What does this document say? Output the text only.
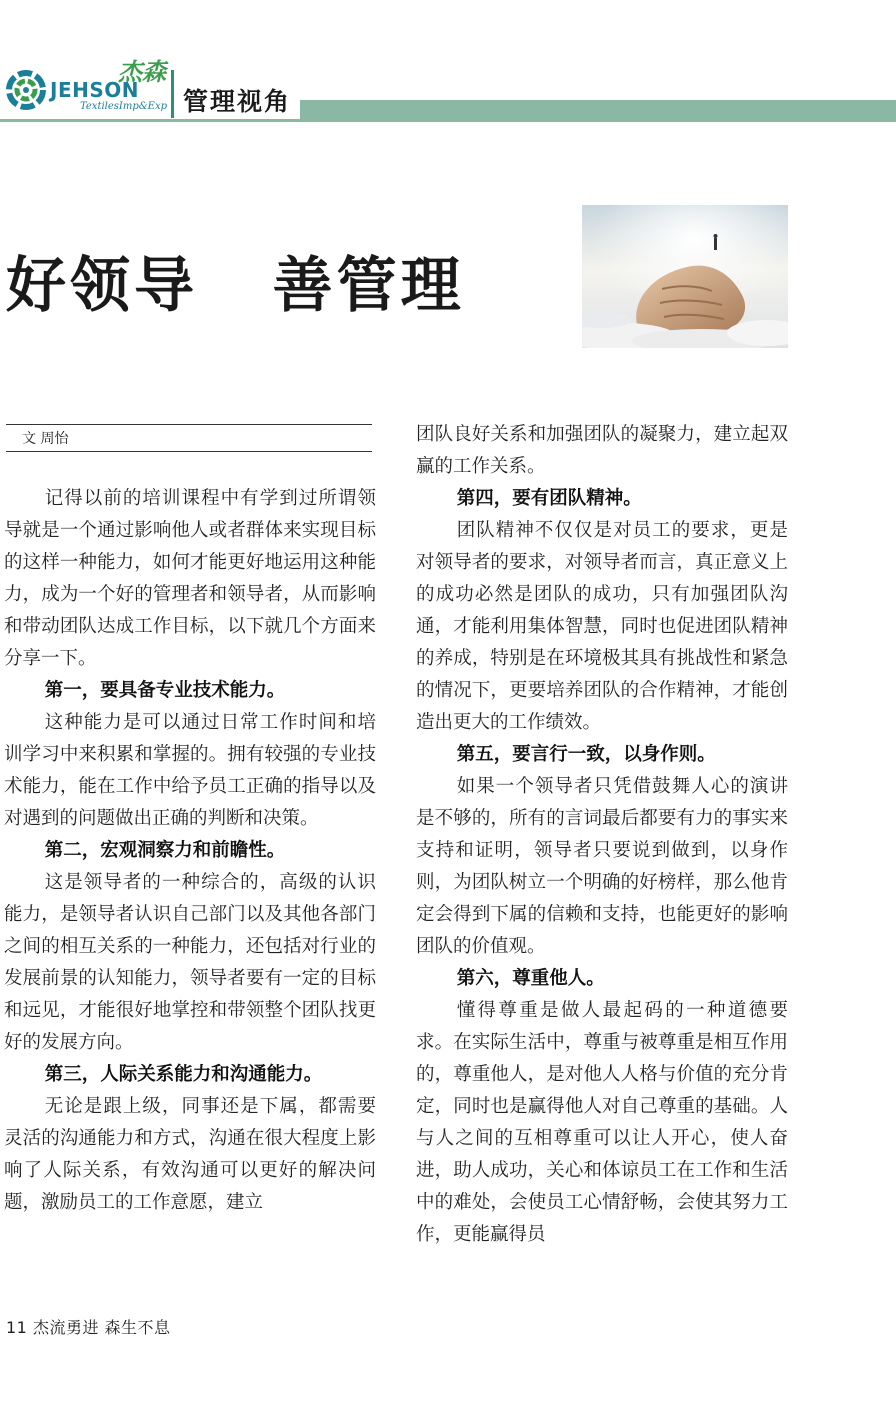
杰森
JEHSON
TextilesImp&Exp 管理视角
好领导   善管理
文 周怡

记得以前的培训课程中有学到过所谓领导就是一个通过影响他人或者群体来实现目标的这样一种能力，如何才能更好地运用这种能力，成为一个好的管理者和领导者，从而影响和带动团队达成工作目标，以下就几个方面来分享一下。

第一，要具备专业技术能力。

这种能力是可以通过日常工作时间和培训学习中来积累和掌握的。拥有较强的专业技术能力，能在工作中给予员工正确的指导以及对遇到的问题做出正确的判断和决策。

第二，宏观洞察力和前瞻性。

这是领导者的一种综合的，高级的认识能力，是领导者认识自己部门以及其他各部门之间的相互关系的一种能力，还包括对行业的发展前景的认知能力，领导者要有一定的目标和远见，才能很好地掌控和带领整个团队找更好的发展方向。

第三，人际关系能力和沟通能力。

无论是跟上级，同事还是下属，都需要灵活的沟通能力和方式，沟通在很大程度上影响了人际关系，有效沟通可以更好的解决问题，激励员工的工作意愿，建立

团队良好关系和加强团队的凝聚力，建立起双赢的工作关系。

第四，要有团队精神。

团队精神不仅仅是对员工的要求，更是对领导者的要求，对领导者而言，真正意义上的成功必然是团队的成功，只有加强团队沟通，才能利用集体智慧，同时也促进团队精神的养成，特别是在环境极其具有挑战性和紧急的情况下，更要培养团队的合作精神，才能创造出更大的工作绩效。

第五，要言行一致，以身作则。

如果一个领导者只凭借鼓舞人心的演讲是不够的，所有的言词最后都要有力的事实来支持和证明，领导者只要说到做到，以身作则，为团队树立一个明确的好榜样，那么他肯定会得到下属的信赖和支持，也能更好的影响团队的价值观。

第六，尊重他人。

懂得尊重是做人最起码的一种道德要求。在实际生活中，尊重与被尊重是相互作用的，尊重他人，是对他人人格与价值的充分肯定，同时也是赢得他人对自己尊重的基础。人与人之间的互相尊重可以让人开心，使人奋进，助人成功，关心和体谅员工在工作和生活中的难处，会使员工心情舒畅，会使其努力工作，更能赢得员

11 杰流勇进 森生不息
